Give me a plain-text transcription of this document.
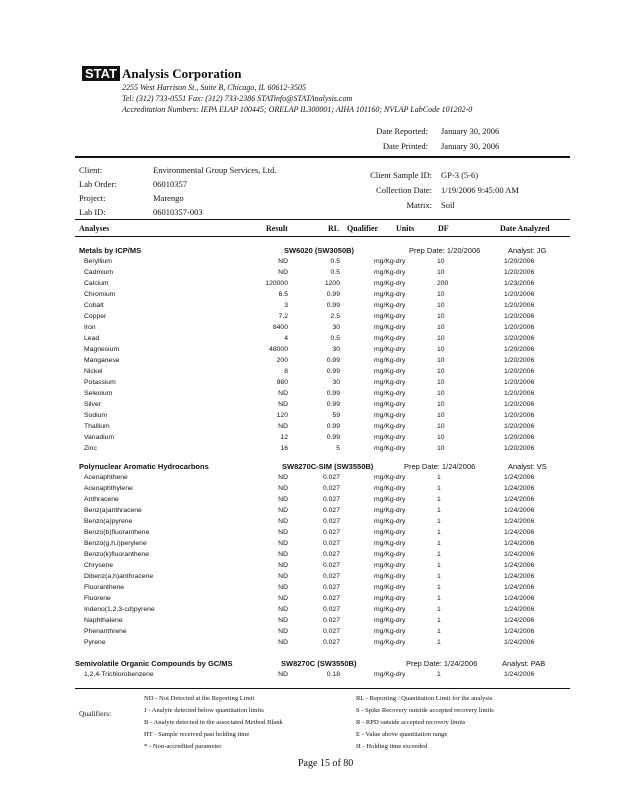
STAT Analysis Corporation
2255 West Harrison St., Suite B, Chicago, IL 60612-3505
Tel: (312) 733-0551 Fax: (312) 733-2386 STATinfo@STATAnalysis.com
Accreditation Numbers: IEPA ELAP 100445; ORELAP IL300001; AIHA 101160; NVLAP LabCode 101202-0
Date Reported: January 30, 2006
Date Printed: January 30, 2006
Client:	Environmental Group Services, Ltd.
Lab Order:	06010357
Project:	Marengo
Lab ID:	06010357-003
Client Sample ID: GP-3 (5-6)
Collection Date: 1/19/2006 9:45:00 AM
Matrix: Soil
Analyses	Result	RL Qualifier Units	DF	Date Analyzed
Metals by ICP/MS	SW6020 (SW3050B)	Prep Date: 1/20/2006	Analyst: JG
Beryllium	ND	0.5	mg/Kg-dry	10	1/20/2006
Cadmium	ND	0.5	mg/Kg-dry	10	1/20/2006
Calcium	120000	1200	mg/Kg-dry	200	1/23/2006
Chromium	6.5	0.99	mg/Kg-dry	10	1/20/2006
Cobalt	3	0.99	mg/Kg-dry	10	1/20/2006
Copper	7.2	2.5	mg/Kg-dry	10	1/20/2006
Iron	8400	30	mg/Kg-dry	10	1/20/2006
Lead	4	0.5	mg/Kg-dry	10	1/20/2006
Magnesium	48000	30	mg/Kg-dry	10	1/20/2006
Manganese	200	0.99	mg/Kg-dry	10	1/20/2006
Nickel	8	0.99	mg/Kg-dry	10	1/20/2006
Potassium	980	30	mg/Kg-dry	10	1/20/2006
Selenium	ND	0.99	mg/Kg-dry	10	1/20/2006
Silver	ND	0.99	mg/Kg-dry	10	1/20/2006
Sodium	120	59	mg/Kg-dry	10	1/20/2006
Thallium	ND	0.99	mg/Kg-dry	10	1/20/2006
Vanadium	12	0.99	mg/Kg-dry	10	1/20/2006
Zinc	16	5	mg/Kg-dry	10	1/20/2006
Polynuclear Aromatic Hydrocarbons	SW8270C-SIM (SW3550B)	Prep Date: 1/24/2006	Analyst: VS
Acenaphthene	ND	0.027	mg/Kg-dry	1	1/24/2006
Acenaphthylene	ND	0.027	mg/Kg-dry	1	1/24/2006
Anthracene	ND	0.027	mg/Kg-dry	1	1/24/2006
Benz(a)anthracene	ND	0.027	mg/Kg-dry	1	1/24/2006
Benzo(a)pyrene	ND	0.027	mg/Kg-dry	1	1/24/2006
Benzo(b)fluoranthene	ND	0.027	mg/Kg-dry	1	1/24/2006
Benzo(g,h,i)perylene	ND	0.027	mg/Kg-dry	1	1/24/2006
Benzo(k)fluoranthene	ND	0.027	mg/Kg-dry	1	1/24/2006
Chrysene	ND	0.027	mg/Kg-dry	1	1/24/2006
Dibenz(a,h)anthracene	ND	0.027	mg/Kg-dry	1	1/24/2006
Fluoranthene	ND	0.027	mg/Kg-dry	1	1/24/2006
Fluorene	ND	0.027	mg/Kg-dry	1	1/24/2006
Indeno(1,2,3-cd)pyrene	ND	0.027	mg/Kg-dry	1	1/24/2006
Naphthalene	ND	0.027	mg/Kg-dry	1	1/24/2006
Phenanthrene	ND	0.027	mg/Kg-dry	1	1/24/2006
Pyrene	ND	0.027	mg/Kg-dry	1	1/24/2006
Semivolatile Organic Compounds by GC/MS	SW8270C (SW3550B)	Prep Date: 1/24/2006	Analyst: PAB
1,2,4-Trichlorobenzene	ND	0.18	mg/Kg-dry	1	1/24/2006
Qualifiers:
ND - Not Detected at the Reporting Limit
J - Analyte detected below quantitation limits
B - Analyte detected in the associated Method Blank
HT - Sample received past holding time
* - Non-accredited parameter
RL - Reporting / Quantitation Limit for the analysis
S - Spike Recovery outside accepted recovery limits
R - RPD outside accepted recovery limits
E - Value above quantitation range
H - Holding time exceeded
Page 15 of 80
